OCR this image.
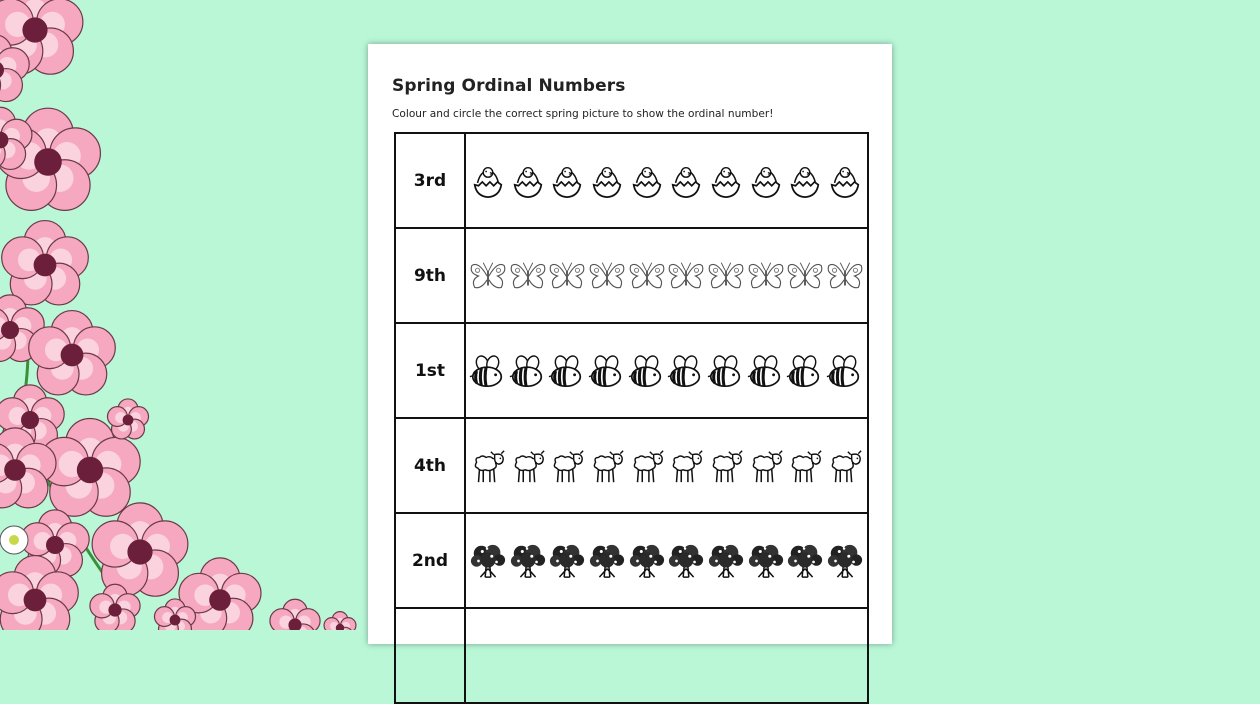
Spring Ordinal Numbers
Colour and circle the correct spring picture to show the ordinal number!
3rd
9th
1st
4th
2nd
